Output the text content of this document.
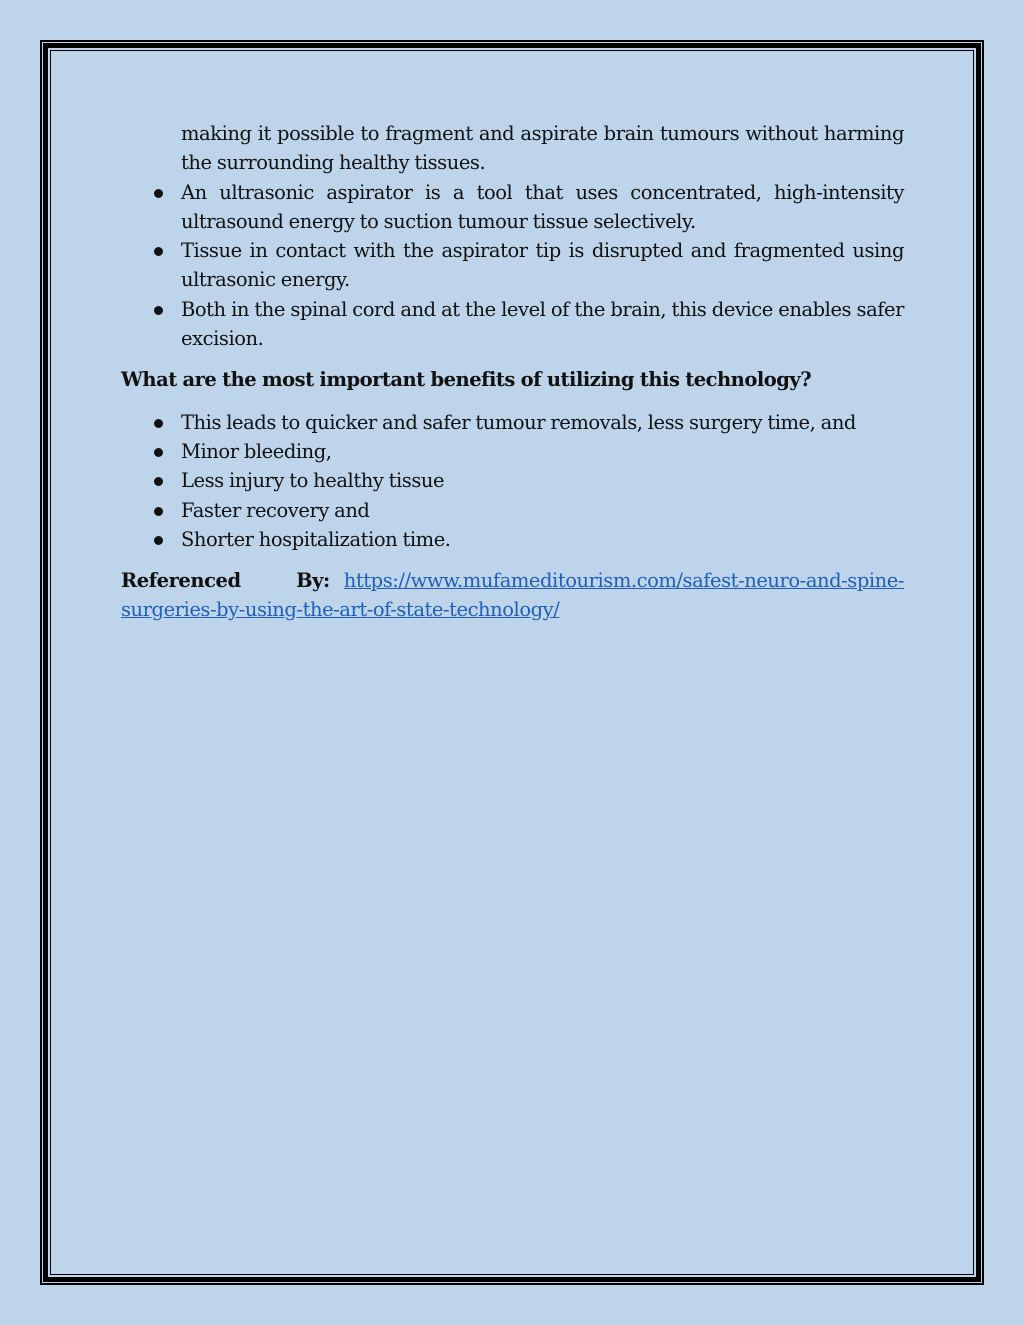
making it possible to fragment and aspirate brain tumours without harming the surrounding healthy tissues.

An ultrasonic aspirator is a tool that uses concentrated, high-intensity ultrasound energy to suction tumour tissue selectively.
Tissue in contact with the aspirator tip is disrupted and fragmented using ultrasonic energy.
Both in the spinal cord and at the level of the brain, this device enables safer excision.

What are the most important benefits of utilizing this technology?

This leads to quicker and safer tumour removals, less surgery time, and
Minor bleeding,
Less injury to healthy tissue
Faster recovery and
Shorter hospitalization time.

Referenced By: https://www.mufameditourism.com/safest-neuro-and-spine-surgeries-by-using-the-art-of-state-technology/
